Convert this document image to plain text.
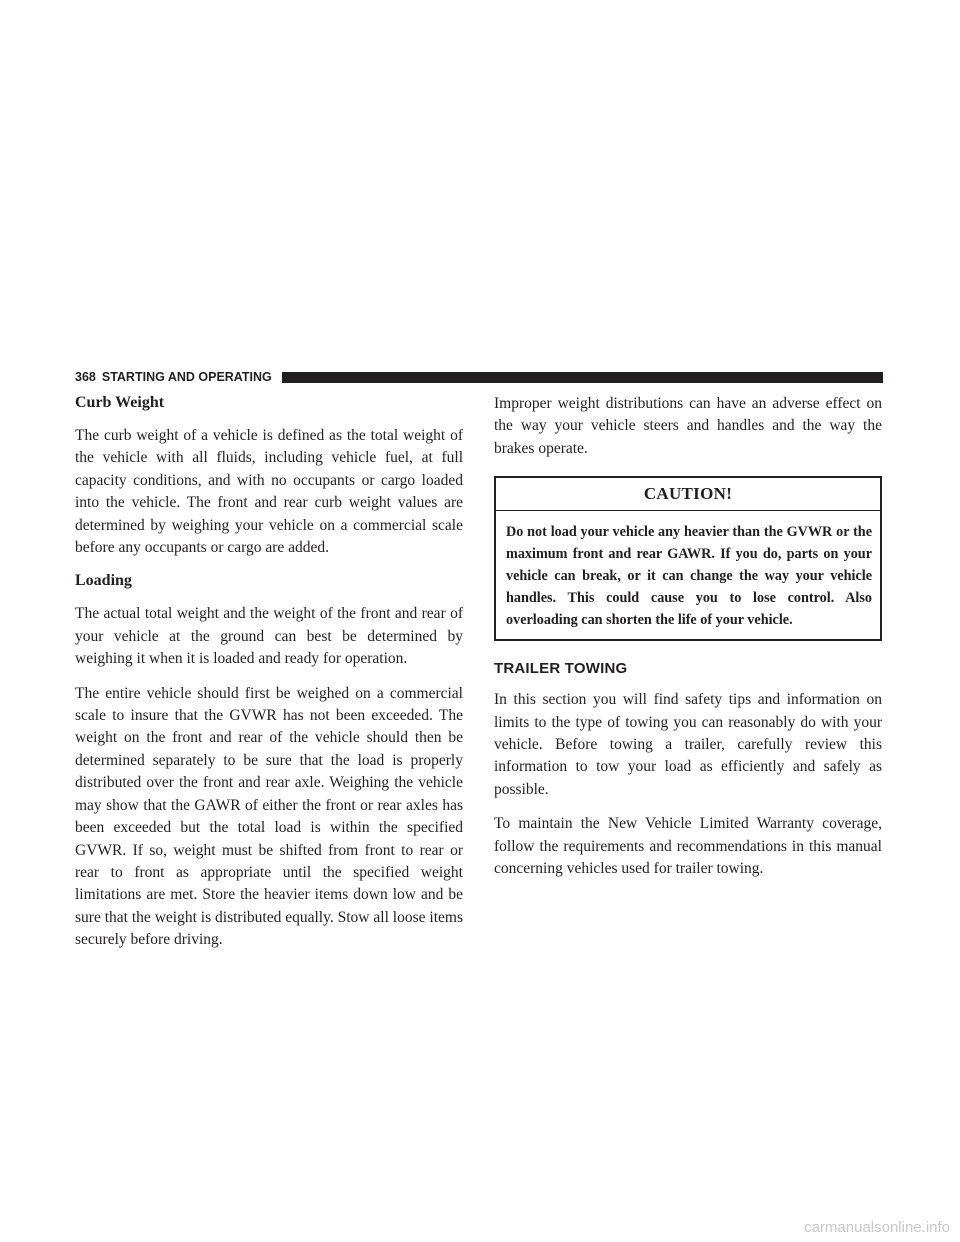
368 STARTING AND OPERATING
Curb Weight

The curb weight of a vehicle is defined as the total weight of the vehicle with all fluids, including vehicle fuel, at full capacity conditions, and with no occupants or cargo loaded into the vehicle. The front and rear curb weight values are determined by weighing your vehicle on a commercial scale before any occupants or cargo are added.

Loading

The actual total weight and the weight of the front and rear of your vehicle at the ground can best be determined by weighing it when it is loaded and ready for operation.

The entire vehicle should first be weighed on a commercial scale to insure that the GVWR has not been exceeded. The weight on the front and rear of the vehicle should then be determined separately to be sure that the load is properly distributed over the front and rear axle. Weighing the vehicle may show that the GAWR of either the front or rear axles has been exceeded but the total load is within the specified GVWR. If so, weight must be shifted from front to rear or rear to front as appropriate until the specified weight limitations are met. Store the heavier items down low and be sure that the weight is distributed equally. Stow all loose items securely before driving.

Improper weight distributions can have an adverse effect on the way your vehicle steers and handles and the way the brakes operate.

CAUTION!
Do not load your vehicle any heavier than the GVWR or the maximum front and rear GAWR. If you do, parts on your vehicle can break, or it can change the way your vehicle handles. This could cause you to lose control. Also overloading can shorten the life of your vehicle.
TRAILER TOWING

In this section you will find safety tips and information on limits to the type of towing you can reasonably do with your vehicle. Before towing a trailer, carefully review this information to tow your load as efficiently and safely as possible.

To maintain the New Vehicle Limited Warranty coverage, follow the requirements and recommendations in this manual concerning vehicles used for trailer towing.

carmanualsonline.info
